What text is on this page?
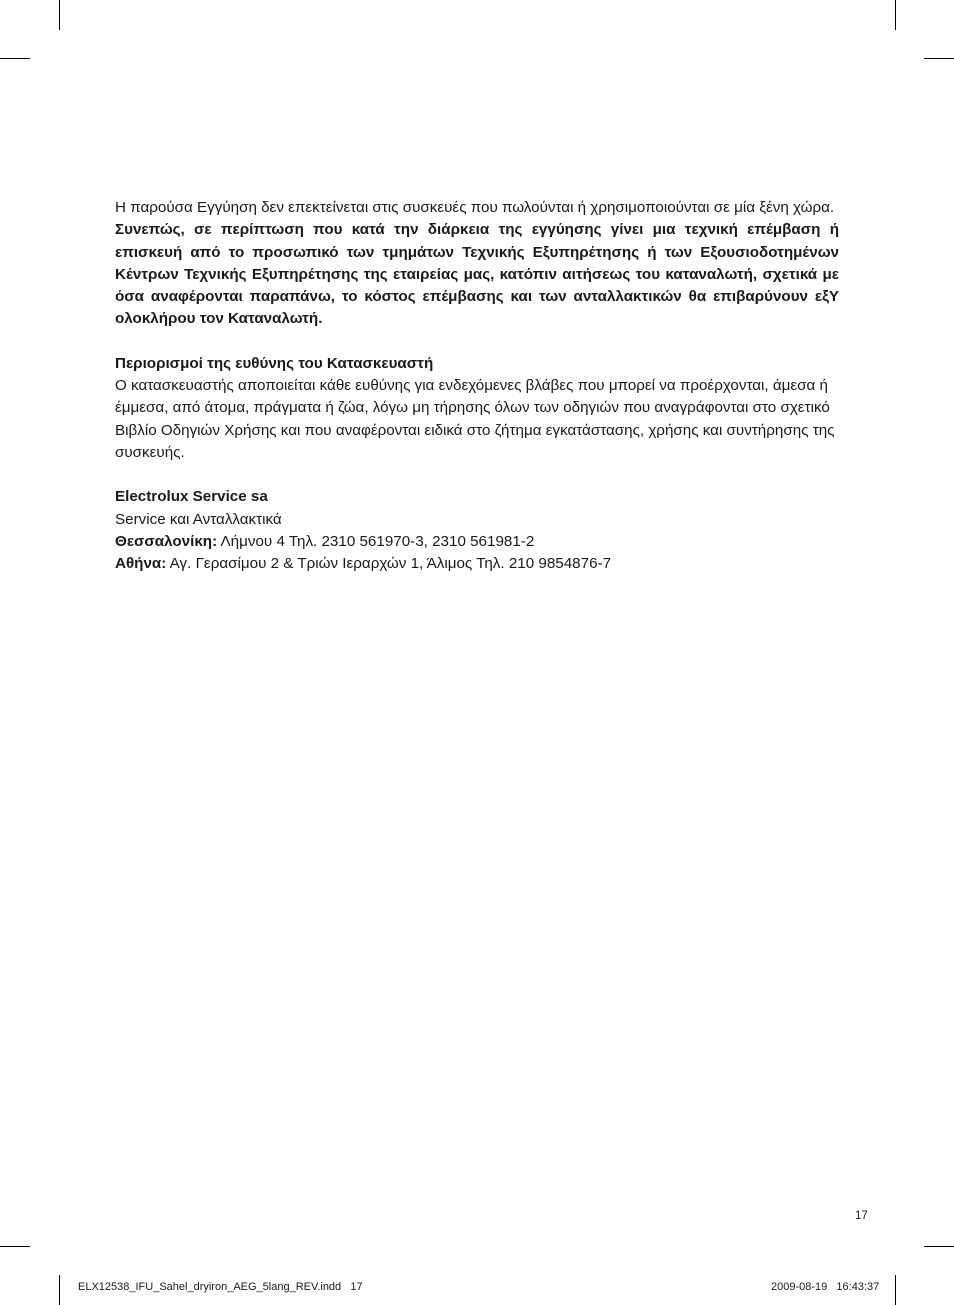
Η παρούσα Εγγύηση δεν επεκτείνεται στις συσκευές που πωλούνται ή χρησιμοποιούνται σε μία ξένη χώρα.

Συνεπώς, σε περίπτωση που κατά την διάρκεια της εγγύησης γίνει μια τεχνική επέμβαση ή επισκευή από το προσωπικό των τμημάτων Τεχνικής Εξυπηρέτησης ή των Εξουσιοδοτημένων Κέντρων Τεχνικής Εξυπηρέτησης της εταιρείας μας, κατόπιν αιτήσεως του καταναλωτή, σχετικά με όσα αναφέρονται παραπάνω, το κόστος επέμβασης και των ανταλλακτικών θα επιβαρύνουν εξΥ ολοκλήρου τον Καταναλωτή.

Περιορισμοί της ευθύνης του Κατασκευαστή

Ο κατασκευαστής αποποιείται κάθε ευθύνης για ενδεχόμενες βλάβες που μπορεί να προέρχονται, άμεσα ή έμμεσα, από άτομα, πράγματα ή ζώα, λόγω μη τήρησης όλων των οδηγιών που αναγράφονται στο σχετικό Βιβλίο Οδηγιών Χρήσης και που αναφέρονται ειδικά στο ζήτημα εγκατάστασης, χρήσης και συντήρησης της συσκευής.

Electrolux Service sa

Service και Ανταλλακτικά

Θεσσαλονίκη: Λήμνου 4 Τηλ. 2310 561970-3, 2310 561981-2

Αθήνα: Αγ. Γερασίμου 2 & Τριών Ιεραρχών 1, Άλιμος Τηλ. 210 9854876-7

17
ELX12538_IFU_Sahel_dryiron_AEG_5lang_REV.indd   17	2009-08-19   16:43:37
